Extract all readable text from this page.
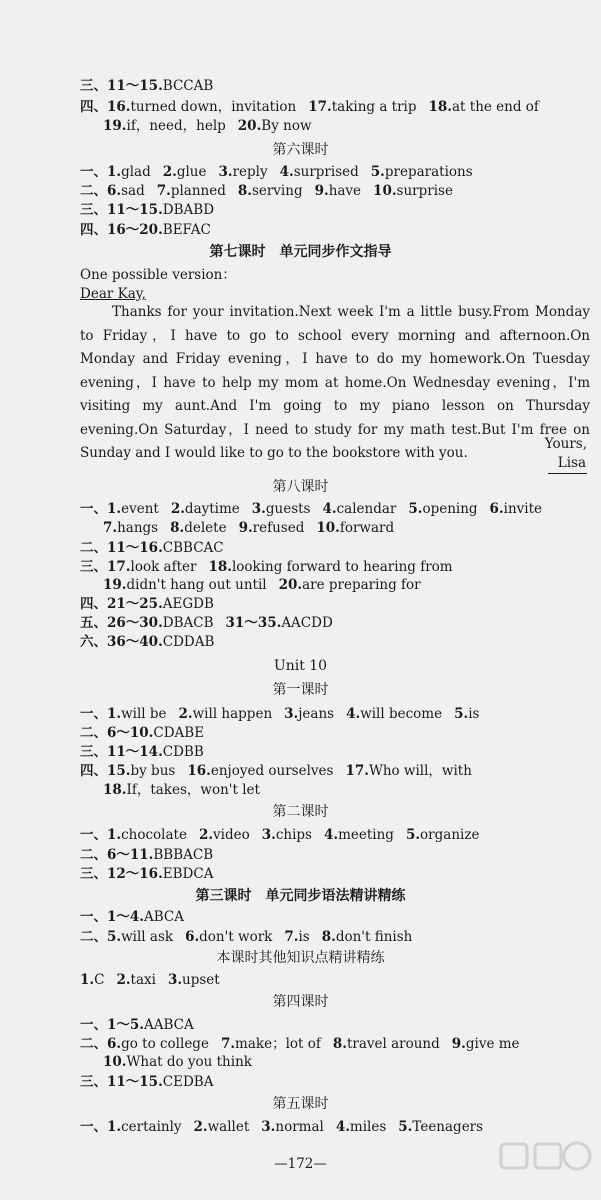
三、11～15.BCCAB
四、16.turned down，invitation 17.taking a trip 18.at the end of
19.if，need，help 20.By now
第六课时
一、1.glad 2.glue 3.reply 4.surprised 5.preparations
二、6.sad 7.planned 8.serving 9.have 10.surprise
三、11～15.DBABD
四、16～20.BEFAC
第七课时　单元同步作文指导
One possible version：
Dear Kay,

Thanks for your invitation.Next week I'm a little busy.From Monday to Friday，I have to go to school every morning and afternoon.On Monday and Friday evening，I have to do my homework.On Tuesday evening，I have to help my mom at home.On Wednesday evening，I'm visiting my aunt.And I'm going to my piano lesson on Thursday evening.On Saturday，I need to study for my math test.But I'm free on Sunday and I would like to go to the bookstore with you.

Yours,
Lisa
第八课时
一、1.event 2.daytime 3.guests 4.calendar 5.opening 6.invite
7.hangs 8.delete 9.refused 10.forward
二、11～16.CBBCAC
三、17.look after 18.looking forward to hearing from
19.didn't hang out until 20.are preparing for
四、21～25.AEGDB
五、26～30.DBACB 31～35.AACDD
六、36～40.CDDAB
Unit 10
第一课时
一、1.will be 2.will happen 3.jeans 4.will become 5.is
二、6～10.CDABE
三、11～14.CDBB
四、15.by bus 16.enjoyed ourselves 17.Who will，with
18.If，takes，won't let
第二课时
一、1.chocolate 2.video 3.chips 4.meeting 5.organize
二、6～11.BBBACB
三、12～16.EBDCA
第三课时　单元同步语法精讲精练
一、1～4.ABCA
二、5.will ask 6.don't work 7.is 8.don't finish
本课时其他知识点精讲精练
1.C 2.taxi 3.upset
第四课时
一、1～5.AABCA
二、6.go to college 7.make；lot of 8.travel around 9.give me
10.What do you think
三、11～15.CEDBA
第五课时
一、1.certainly 2.wallet 3.normal 4.miles 5.Teenagers
—172—
